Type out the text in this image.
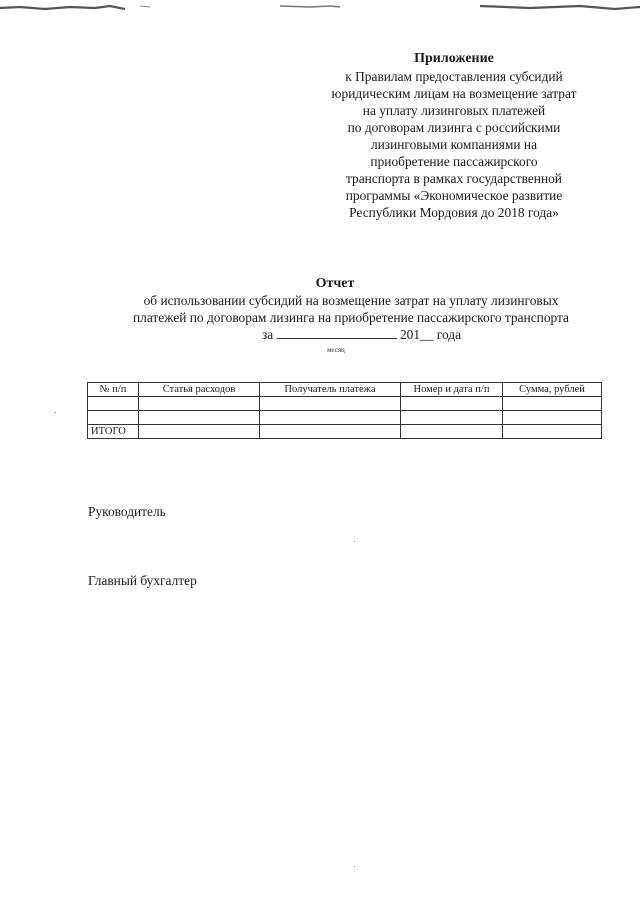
Приложение
к Правилам предоставления субсидий
юридическим лицам на возмещение затрат
на уплату лизинговых платежей
по договорам лизинга с российскими
лизинговыми компаниями на
приобретение пассажирского
транспорта в рамках государственной
программы «Экономическое развитие
Республики Мордовия до 2018 года»
Отчет
об использовании субсидий на возмещение затрат на уплату лизинговых
платежей по договорам лизинга на приобретение пассажирского транспорта
за	201__ года
месяц
№ п/п	Статья расходов	Получатель платежа	Номер и дата п/п	Сумма, рублей

ИТОГО				
Руководитель
Главный бухгалтер
